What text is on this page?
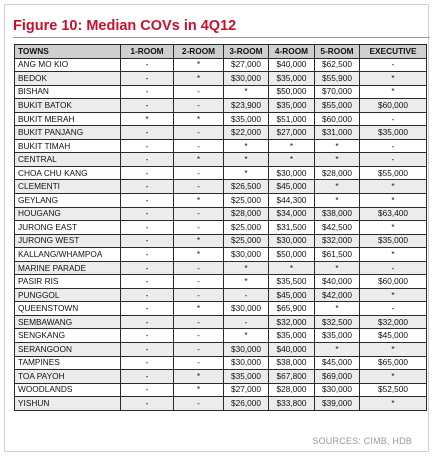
Figure 10: Median COVs in 4Q12
TOWNS	1-ROOM	2-ROOM	3-ROOM	4-ROOM	5-ROOM	EXECUTIVE
ANG MO KIO	-	*	$27,000	$40,000	$62,500	-
BEDOK	-	*	$30,000	$35,000	$55,900	*
BISHAN	-	-	*	$50,000	$70,000	*
BUKIT BATOK	-	-	$23,900	$35,000	$55,000	$60,000
BUKIT MERAH	*	*	$35,000	$51,000	$60,000	-
BUKIT PANJANG	-	-	$22,000	$27,000	$31,000	$35,000
BUKIT TIMAH	-	-	*	*	*	-
CENTRAL	-	*	*	*	*	-
CHOA CHU KANG	-	-	*	$30,000	$28,000	$55,000
CLEMENTI	-	-	$26,500	$45,000	*	*
GEYLANG	-	*	$25,000	$44,300	*	*
HOUGANG	-	-	$28,000	$34,000	$38,000	$63,400
JURONG EAST	-	-	$25,000	$31,500	$42,500	*
JURONG WEST	-	*	$25,000	$30,000	$32,000	$35,000
KALLANG/WHAMPOA	-	*	$30,000	$50,000	$61,500	*
MARINE PARADE	-	-	*	*	*	-
PASIR RIS	-	-	*	$35,500	$40,000	$60,000
PUNGGOL	-	-	-	$45,000	$42,000	*
QUEENSTOWN	-	*	$30,000	$65,900	*	-
SEMBAWANG	-	-	-	$32,000	$32,500	$32,000
SENGKANG	-	-	*	$35,000	$35,000	$45,000
SERANGOON	-	-	$30,000	$40,000	*	*
TAMPINES	-	-	$30,000	$38,000	$45,000	$65,000
TOA PAYOH	-	*	$35,000	$67,800	$69,000	*
WOODLANDS	-	*	$27,000	$28,000	$30,000	$52,500
YISHUN	-	-	$26,000	$33,800	$39,000	*
SOURCES: CIMB, HDB
